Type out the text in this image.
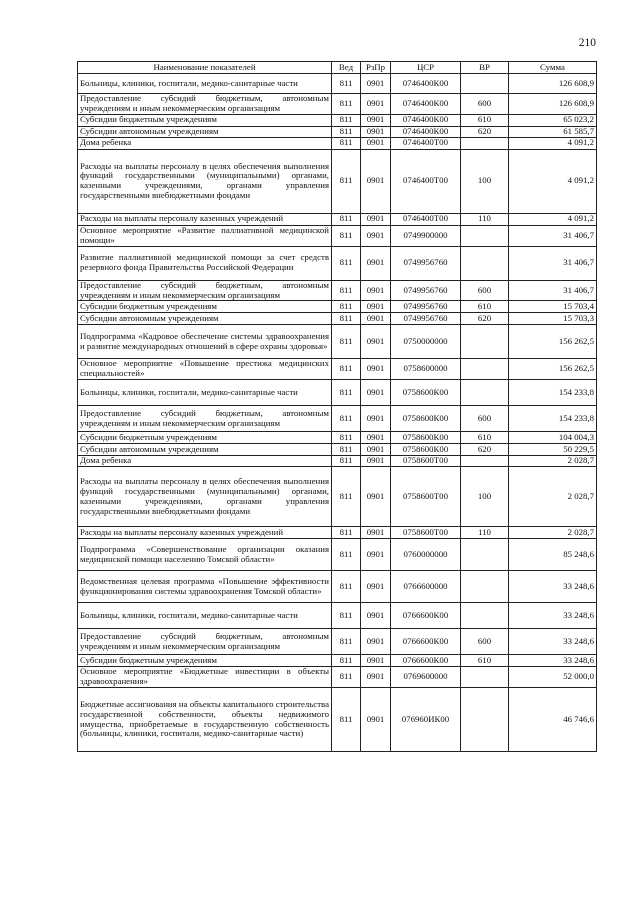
210
Наименование показателей	Вед	РзПр	ЦСР	ВР	Сумма
Больницы, клиники, госпитали, медико-санитарные части	811	0901	0746400К00		126 608,9
Предоставление субсидий бюджетным, автономным учреждениям и иным некоммерческим организациям	811	0901	0746400К00	600	126 608,9
Субсидии бюджетным учреждениям	811	0901	0746400К00	610	65 023,2
Субсидии автономным учреждениям	811	0901	0746400К00	620	61 585,7
Дома ребенка	811	0901	0746400Т00		4 091,2
Расходы на выплаты персоналу в целях обеспечения выполнения функций государственными (муниципальными) органами, казенными учреждениями, органами управления государственными внебюджетными фондами	811	0901	0746400Т00	100	4 091,2
Расходы на выплаты персоналу казенных учреждений	811	0901	0746400Т00	110	4 091,2
Основное мероприятие «Развитие паллиативной медицинской помощи»	811	0901	0749900000		31 406,7
Развитие паллиативной медицинской помощи за счет средств резервного фонда Правительства Российской Федерации	811	0901	0749956760		31 406,7
Предоставление субсидий бюджетным, автономным учреждениям и иным некоммерческим организациям	811	0901	0749956760	600	31 406,7
Субсидии бюджетным учреждениям	811	0901	0749956760	610	15 703,4
Субсидии автономным учреждениям	811	0901	0749956760	620	15 703,3
Подпрограмма «Кадровое обеспечение системы здравоохранения и развитие международных отношений в сфере охраны здоровья»	811	0901	0750000000		156 262,5
Основное мероприятие «Повышение престижа медицинских специальностей»	811	0901	0758600000		156 262,5
Больницы, клиники, госпитали, медико-санитарные части	811	0901	0758600К00		154 233,8
Предоставление субсидий бюджетным, автономным учреждениям и иным некоммерческим организациям	811	0901	0758600К00	600	154 233,8
Субсидии бюджетным учреждениям	811	0901	0758600К00	610	104 004,3
Субсидии автономным учреждениям	811	0901	0758600К00	620	50 229,5
Дома ребенка	811	0901	0758600Т00		2 028,7
Расходы на выплаты персоналу в целях обеспечения выполнения функций государственными (муниципальными) органами, казенными учреждениями, органами управления государственными внебюджетными фондами	811	0901	0758600Т00	100	2 028,7
Расходы на выплаты персоналу казенных учреждений	811	0901	0758600Т00	110	2 028,7
Подпрограмма «Совершенствование организации оказания медицинской помощи населению Томской области»	811	0901	0760000000		85 248,6
Ведомственная целевая программа «Повышение эффективности функционирования системы здравоохранения Томской области»	811	0901	0766600000		33 248,6
Больницы, клиники, госпитали, медико-санитарные части	811	0901	0766600К00		33 248,6
Предоставление субсидий бюджетным, автономным учреждениям и иным некоммерческим организациям	811	0901	0766600К00	600	33 248,6
Субсидии бюджетным учреждениям	811	0901	0766600К00	610	33 248,6
Основное мероприятие «Бюджетные инвестиции в объекты здравоохранения»	811	0901	0769600000		52 000,0
Бюджетные ассигнования на объекты капитального строительства государственной собственности, объекты недвижимого имущества, приобретаемые в государственную собственность (больницы, клиники, госпитали, медико-санитарные части)	811	0901	076960ИК00		46 746,6
